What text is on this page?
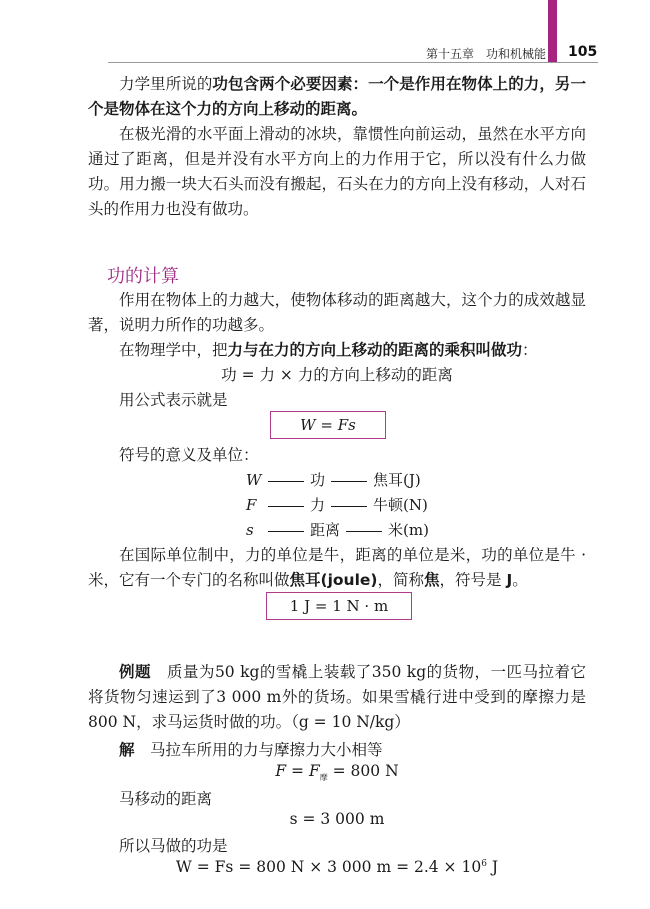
第十五章　功和机械能 105
力学里所说的功包含两个必要因素：一个是作用在物体上的力，另一个是物体在这个力的方向上移动的距离。
在极光滑的水平面上滑动的冰块，靠惯性向前运动，虽然在水平方向通过了距离，但是并没有水平方向上的力作用于它，所以没有什么力做功。用力搬一块大石头而没有搬起，石头在力的方向上没有移动，人对石头的作用力也没有做功。
功的计算
作用在物体上的力越大，使物体移动的距离越大，这个力的成效越显著，说明力所作的功越多。
在物理学中，把力与在力的方向上移动的距离的乘积叫做功：
功 = 力 × 力的方向上移动的距离
用公式表示就是
W = Fs
符号的意义及单位：
W	功	焦耳(J)
F	力	牛顿(N)
s	距离	米(m)
在国际单位制中，力的单位是牛，距离的单位是米，功的单位是牛 · 米，它有一个专门的名称叫做焦耳(joule)，简称焦，符号是 J。
1 J = 1 N · m
例题　 质量为50 kg的雪橇上装载了350 kg的货物，一匹马拉着它将货物匀速运到了3 000 m外的货场。如果雪橇行进中受到的摩擦力是800 N，求马运货时做的功。（g = 10 N/kg）
解　 马拉车所用的力与摩擦力大小相等
$F = F_摩 = 800$ N
马移动的距离
s = 3 000 m
所以马做的功是
W = Fs = 800 N × 3 000 $m = 2.4 \times 10^6$ J
